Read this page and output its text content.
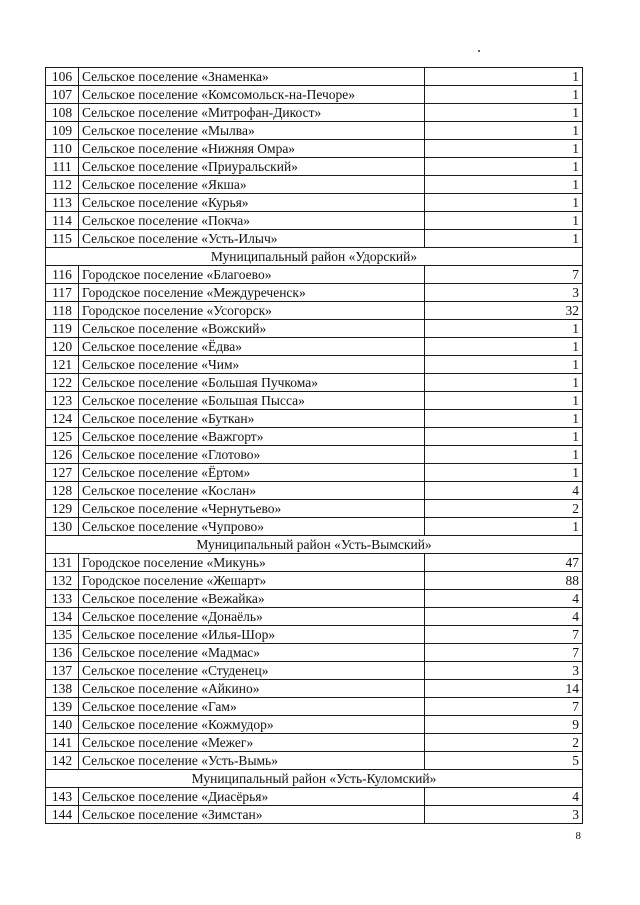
106	Сельское поселение «Знаменка»	1
107	Сельское поселение «Комсомольск-на-Печоре»	1
108	Сельское поселение «Митрофан-Дикост»	1
109	Сельское поселение «Мылва»	1
110	Сельское поселение «Нижняя Омра»	1
111	Сельское поселение «Приуральский»	1
112	Сельское поселение «Якша»	1
113	Сельское поселение «Курья»	1
114	Сельское поселение «Покча»	1
115	Сельское поселение «Усть-Илыч»	1
Муниципальный район «Удорский»		
116	Городское поселение «Благоево»	7
117	Городское поселение «Междуреченск»	3
118	Городское поселение «Усогорск»	32
119	Сельское поселение «Вожский»	1
120	Сельское поселение «Ёдва»	1
121	Сельское поселение «Чим»	1
122	Сельское поселение «Большая Пучкома»	1
123	Сельское поселение «Большая Пысса»	1
124	Сельское поселение «Буткан»	1
125	Сельское поселение «Важгорт»	1
126	Сельское поселение «Глотово»	1
127	Сельское поселение «Ёртом»	1
128	Сельское поселение «Кослан»	4
129	Сельское поселение «Чернутьево»	2
130	Сельское поселение «Чупрово»	1
Муниципальный район «Усть-Вымский»		
131	Городское поселение «Микунь»	47
132	Городское поселение «Жешарт»	88
133	Сельское поселение «Вежайка»	4
134	Сельское поселение «Донаёль»	4
135	Сельское поселение «Илья-Шор»	7
136	Сельское поселение «Мадмас»	7
137	Сельское поселение «Студенец»	3
138	Сельское поселение «Айкино»	14
139	Сельское поселение «Гам»	7
140	Сельское поселение «Кожмудор»	9
141	Сельское поселение «Межег»	2
142	Сельское поселение «Усть-Вымь»	5
Муниципальный район «Усть-Куломский»		
143	Сельское поселение «Диасёрья»	4
144	Сельское поселение «Зимстан»	3
8
